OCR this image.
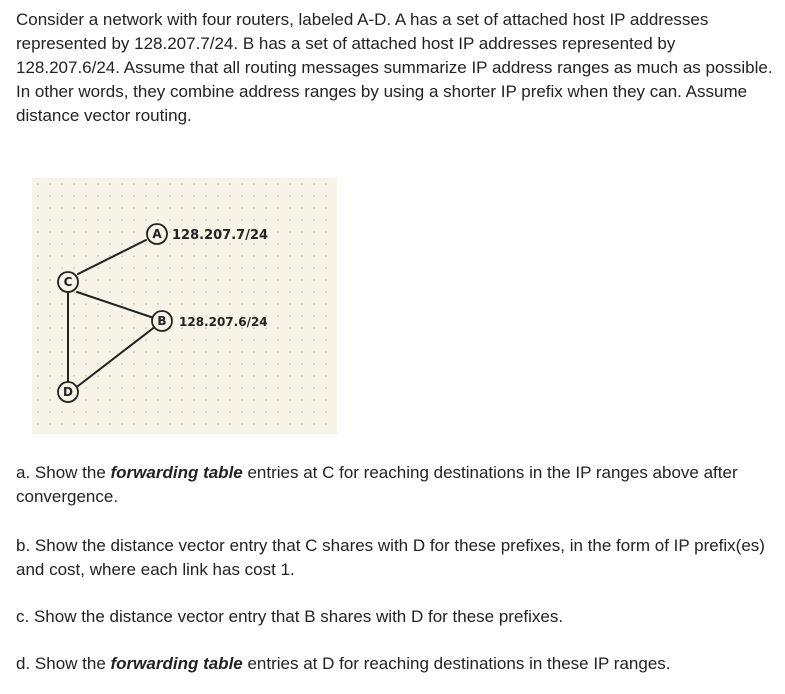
Consider a network with four routers, labeled A-D. A has a set of attached host IP addresses represented by 128.207.7/24. B has a set of attached host IP addresses represented by 128.207.6/24. Assume that all routing messages summarize IP address ranges as much as possible. In other words, they combine address ranges by using a shorter IP prefix when they can. Assume distance vector routing.

A
B
C
D
128.207.7/24
128.207.6/24

a. Show the forwarding table entries at C for reaching destinations in the IP ranges above after convergence.

b. Show the distance vector entry that C shares with D for these prefixes, in the form of IP prefix(es) and cost, where each link has cost 1.

c. Show the distance vector entry that B shares with D for these prefixes.

d. Show the forwarding table entries at D for reaching destinations in these IP ranges.
